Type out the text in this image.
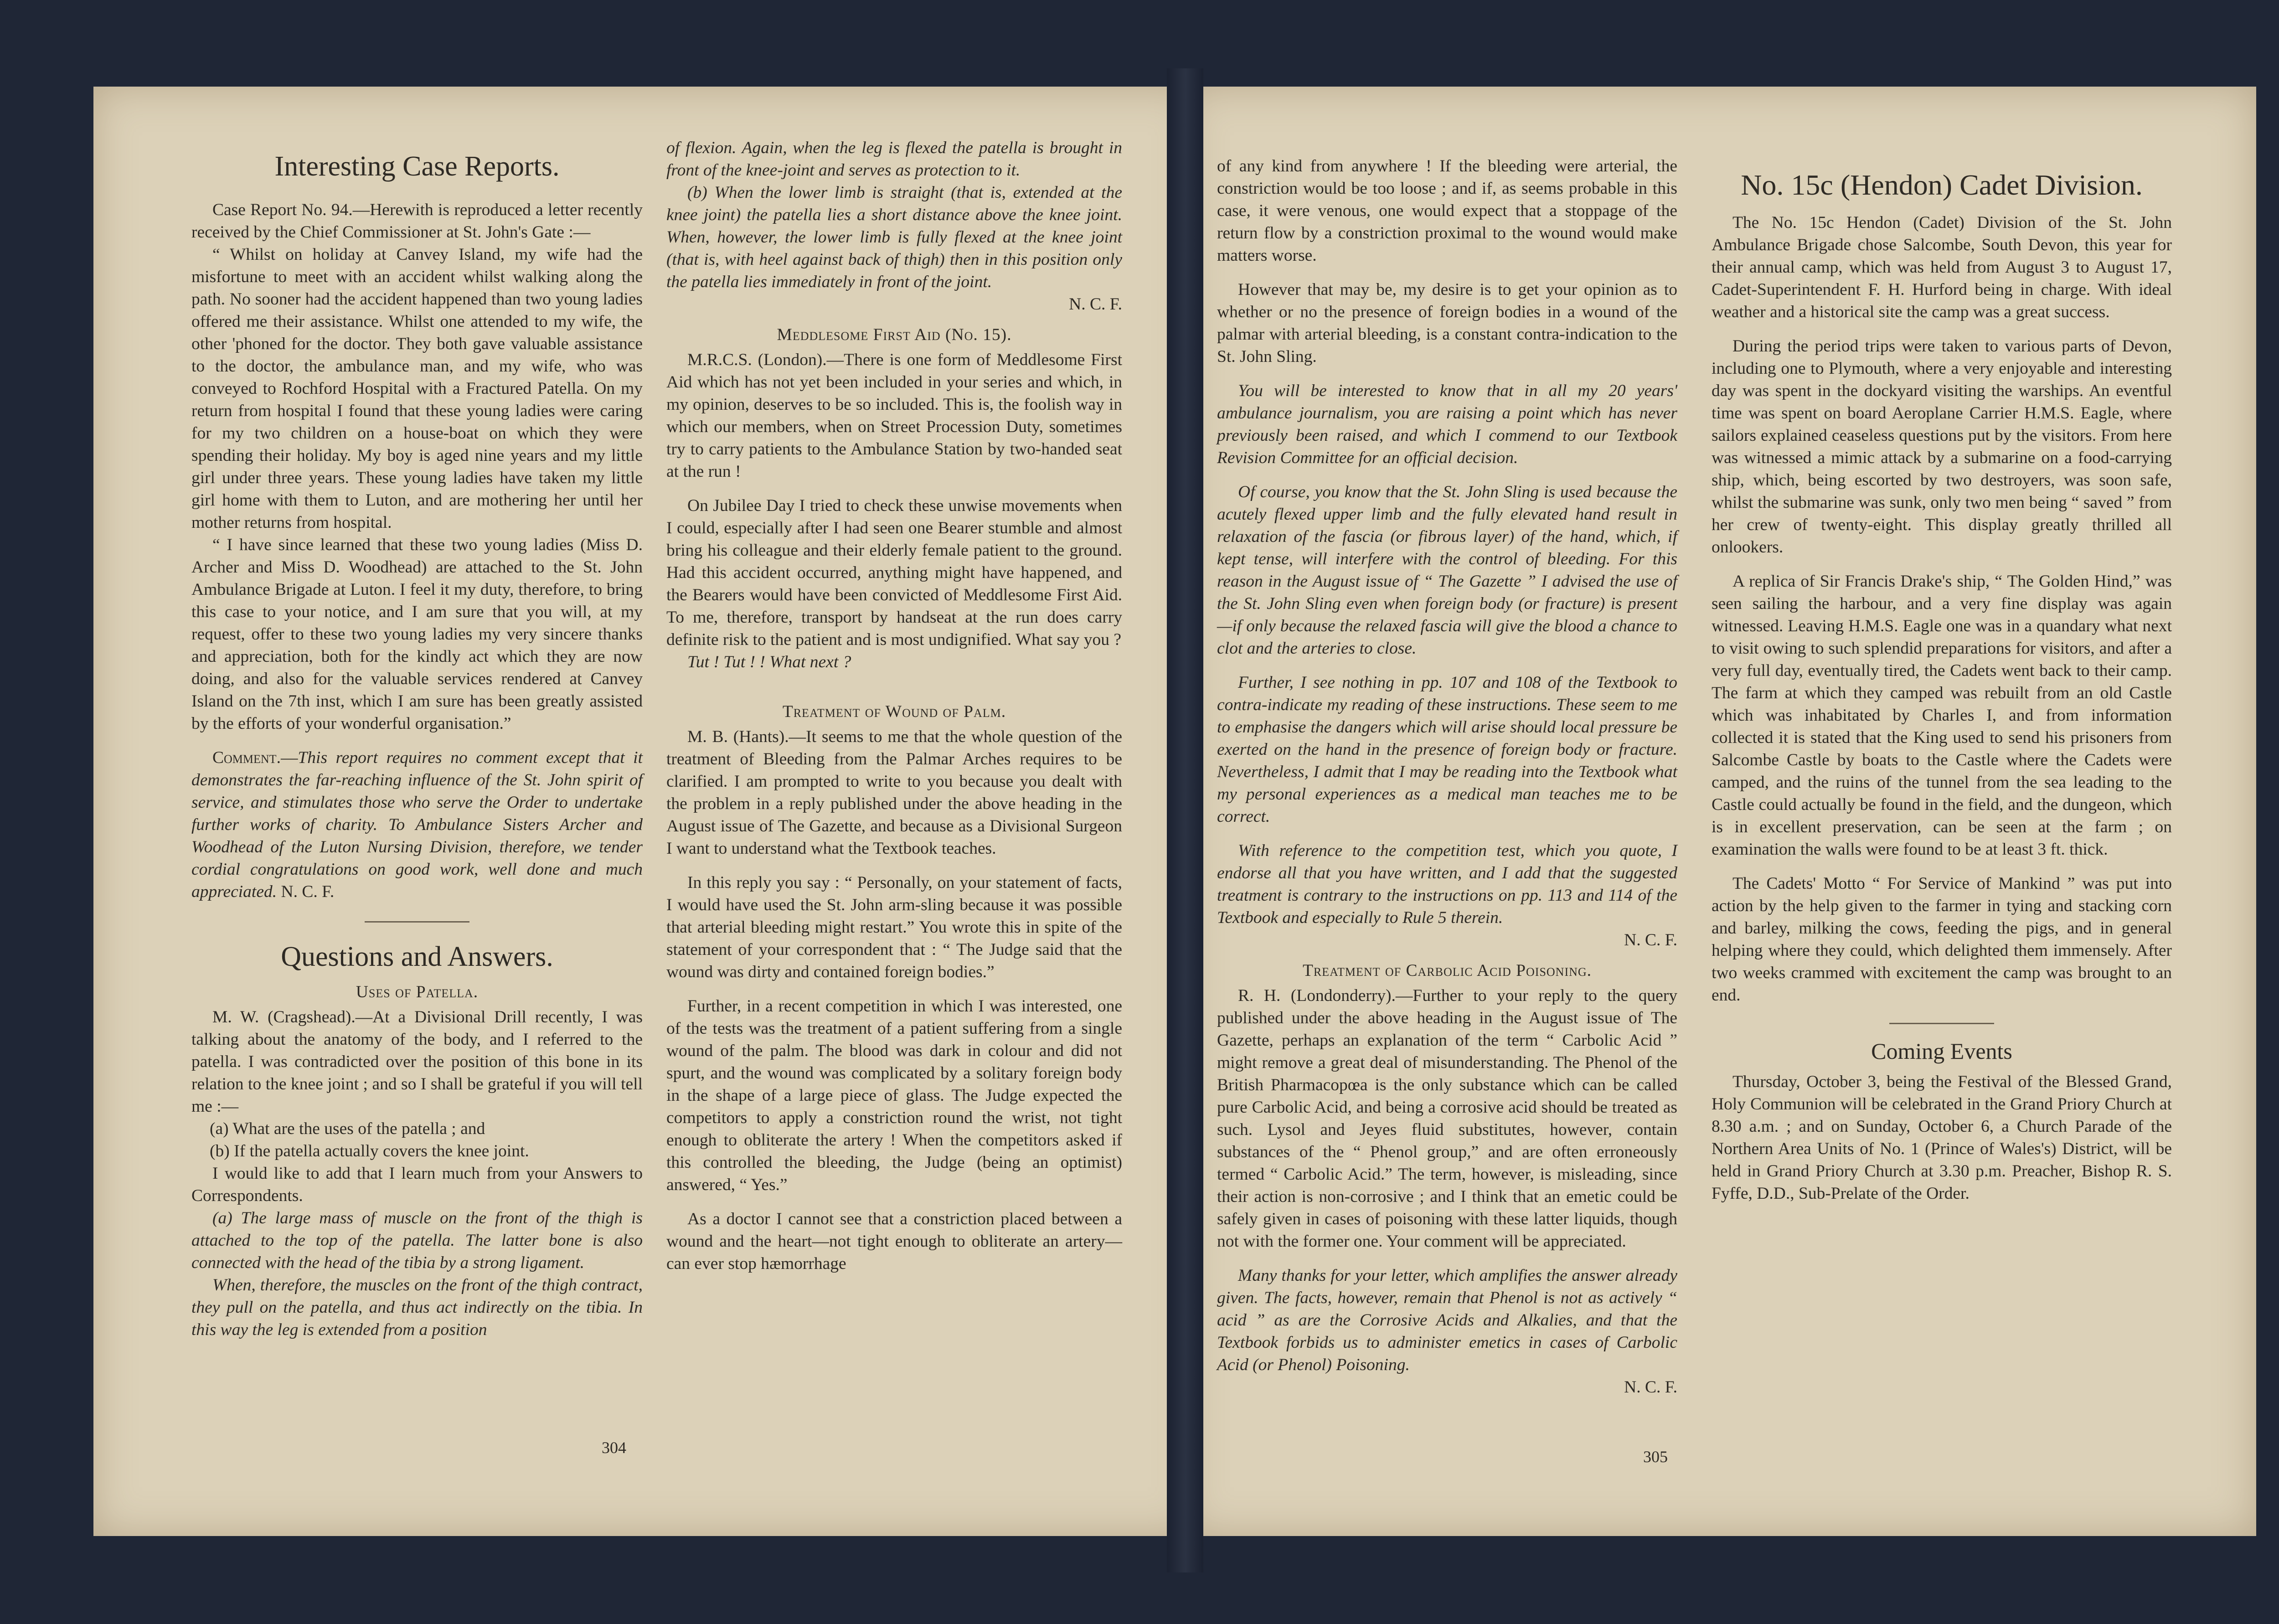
Interesting Case Reports.

Case Report No. 94.—Herewith is reproduced a letter recently received by the Chief Commissioner at St. John's Gate :—

“ Whilst on holiday at Canvey Island, my wife had the misfortune to meet with an accident whilst walking along the path. No sooner had the accident happened than two young ladies offered me their assistance. Whilst one attended to my wife, the other 'phoned for the doctor. They both gave valuable assistance to the doctor, the ambulance man, and my wife, who was conveyed to Rochford Hospital with a Fractured Patella. On my return from hospital I found that these young ladies were caring for my two children on a house-boat on which they were spending their holiday. My boy is aged nine years and my little girl under three years. These young ladies have taken my little girl home with them to Luton, and are mothering her until her mother returns from hospital.

“ I have since learned that these two young ladies (Miss D. Archer and Miss D. Woodhead) are attached to the St. John Ambulance Brigade at Luton. I feel it my duty, therefore, to bring this case to your notice, and I am sure that you will, at my request, offer to these two young ladies my very sincere thanks and appreciation, both for the kindly act which they are now doing, and also for the valuable services rendered at Canvey Island on the 7th inst, which I am sure has been greatly assisted by the efforts of your wonderful organisation.”

Comment.—This report requires no comment except that it demonstrates the far-reaching influence of the St. John spirit of service, and stimulates those who serve the Order to undertake further works of charity. To Ambulance Sisters Archer and Woodhead of the Luton Nursing Division, therefore, we tender cordial congratulations on good work, well done and much appreciated. N. C. F.

Questions and Answers.

Uses of Patella.

M. W. (Cragshead).—At a Divisional Drill recently, I was talking about the anatomy of the body, and I referred to the patella. I was contradicted over the position of this bone in its relation to the knee joint ; and so I shall be grateful if you will tell me :—

(a) What are the uses of the patella ; and

(b) If the patella actually covers the knee joint.

I would like to add that I learn much from your Answers to Correspondents.

(a) The large mass of muscle on the front of the thigh is attached to the top of the patella. The latter bone is also connected with the head of the tibia by a strong ligament.

When, therefore, the muscles on the front of the thigh contract, they pull on the patella, and thus act indirectly on the tibia. In this way the leg is extended from a position

of flexion. Again, when the leg is flexed the patella is brought in front of the knee-joint and serves as protection to it.

(b) When the lower limb is straight (that is, extended at the knee joint) the patella lies a short distance above the knee joint. When, however, the lower limb is fully flexed at the knee joint (that is, with heel against back of thigh) then in this position only the patella lies immediately in front of the joint.

N. C. F.

Meddlesome First Aid (No. 15).

M.R.C.S. (London).—There is one form of Meddlesome First Aid which has not yet been included in your series and which, in my opinion, deserves to be so included. This is, the foolish way in which our members, when on Street Procession Duty, sometimes try to carry patients to the Ambulance Station by two-handed seat at the run !

On Jubilee Day I tried to check these unwise movements when I could, especially after I had seen one Bearer stumble and almost bring his colleague and their elderly female patient to the ground. Had this accident occurred, anything might have happened, and the Bearers would have been convicted of Meddlesome First Aid. To me, therefore, transport by handseat at the run does carry definite risk to the patient and is most undignified. What say you ?

Tut ! Tut ! ! What next ?

Treatment of Wound of Palm.

M. B. (Hants).—It seems to me that the whole question of the treatment of Bleeding from the Palmar Arches requires to be clarified. I am prompted to write to you because you dealt with the problem in a reply published under the above heading in the August issue of The Gazette, and because as a Divisional Surgeon I want to understand what the Textbook teaches.

In this reply you say : “ Personally, on your statement of facts, I would have used the St. John arm-sling because it was possible that arterial bleeding might restart.” You wrote this in spite of the statement of your correspondent that : “ The Judge said that the wound was dirty and contained foreign bodies.”

Further, in a recent competition in which I was interested, one of the tests was the treatment of a patient suffering from a single wound of the palm. The blood was dark in colour and did not spurt, and the wound was complicated by a solitary foreign body in the shape of a large piece of glass. The Judge expected the competitors to apply a constriction round the wrist, not tight enough to obliterate the artery ! When the competitors asked if this controlled the bleeding, the Judge (being an optimist) answered, “ Yes.”

As a doctor I cannot see that a constriction placed between a wound and the heart—not tight enough to obliterate an artery—can ever stop hæmorrhage

304

of any kind from anywhere ! If the bleeding were arterial, the constriction would be too loose ; and if, as seems probable in this case, it were venous, one would expect that a stoppage of the return flow by a constriction proximal to the wound would make matters worse.

However that may be, my desire is to get your opinion as to whether or no the presence of foreign bodies in a wound of the palmar with arterial bleeding, is a constant contra-indication to the St. John Sling.

You will be interested to know that in all my 20 years' ambulance journalism, you are raising a point which has never previously been raised, and which I commend to our Textbook Revision Committee for an official decision.

Of course, you know that the St. John Sling is used because the acutely flexed upper limb and the fully elevated hand result in relaxation of the fascia (or fibrous layer) of the hand, which, if kept tense, will interfere with the control of bleeding. For this reason in the August issue of “ The Gazette ” I advised the use of the St. John Sling even when foreign body (or fracture) is present—if only because the relaxed fascia will give the blood a chance to clot and the arteries to close.

Further, I see nothing in pp. 107 and 108 of the Textbook to contra-indicate my reading of these instructions. These seem to me to emphasise the dangers which will arise should local pressure be exerted on the hand in the presence of foreign body or fracture. Nevertheless, I admit that I may be reading into the Textbook what my personal experiences as a medical man teaches me to be correct.

With reference to the competition test, which you quote, I endorse all that you have written, and I add that the suggested treatment is contrary to the instructions on pp. 113 and 114 of the Textbook and especially to Rule 5 therein.

N. C. F.

Treatment of Carbolic Acid Poisoning.

R. H. (Londonderry).—Further to your reply to the query published under the above heading in the August issue of The Gazette, perhaps an explanation of the term “ Carbolic Acid ” might remove a great deal of misunderstanding. The Phenol of the British Pharmacopœa is the only substance which can be called pure Carbolic Acid, and being a corrosive acid should be treated as such. Lysol and Jeyes fluid substitutes, however, contain substances of the “ Phenol group,” and are often erroneously termed “ Carbolic Acid.” The term, however, is misleading, since their action is non-corrosive ; and I think that an emetic could be safely given in cases of poisoning with these latter liquids, though not with the former one. Your comment will be appreciated.

Many thanks for your letter, which amplifies the answer already given. The facts, however, remain that Phenol is not as actively “ acid ” as are the Corrosive Acids and Alkalies, and that the Textbook forbids us to administer emetics in cases of Carbolic Acid (or Phenol) Poisoning.

N. C. F.

No. 15c (Hendon) Cadet Division.

The No. 15c Hendon (Cadet) Division of the St. John Ambulance Brigade chose Salcombe, South Devon, this year for their annual camp, which was held from August 3 to August 17, Cadet-Superintendent F. H. Hurford being in charge. With ideal weather and a historical site the camp was a great success.

During the period trips were taken to various parts of Devon, including one to Plymouth, where a very enjoyable and interesting day was spent in the dockyard visiting the warships. An eventful time was spent on board Aeroplane Carrier H.M.S. Eagle, where sailors explained ceaseless questions put by the visitors. From here was witnessed a mimic attack by a submarine on a food-carrying ship, which, being escorted by two destroyers, was soon safe, whilst the submarine was sunk, only two men being “ saved ” from her crew of twenty-eight. This display greatly thrilled all onlookers.

A replica of Sir Francis Drake's ship, “ The Golden Hind,” was seen sailing the harbour, and a very fine display was again witnessed. Leaving H.M.S. Eagle one was in a quandary what next to visit owing to such splendid preparations for visitors, and after a very full day, eventually tired, the Cadets went back to their camp. The farm at which they camped was rebuilt from an old Castle which was inhabitated by Charles I, and from information collected it is stated that the King used to send his prisoners from Salcombe Castle by boats to the Castle where the Cadets were camped, and the ruins of the tunnel from the sea leading to the Castle could actually be found in the field, and the dungeon, which is in excellent preservation, can be seen at the farm ; on examination the walls were found to be at least 3 ft. thick.

The Cadets' Motto “ For Service of Mankind ” was put into action by the help given to the farmer in tying and stacking corn and barley, milking the cows, feeding the pigs, and in general helping where they could, which delighted them immensely. After two weeks crammed with excitement the camp was brought to an end.

Coming Events

Thursday, October 3, being the Festival of the Blessed Grand, Holy Communion will be celebrated in the Grand Priory Church at 8.30 a.m. ; and on Sunday, October 6, a Church Parade of the Northern Area Units of No. 1 (Prince of Wales's) District, will be held in Grand Priory Church at 3.30 p.m. Preacher, Bishop R. S. Fyffe, D.D., Sub-Prelate of the Order.

305
